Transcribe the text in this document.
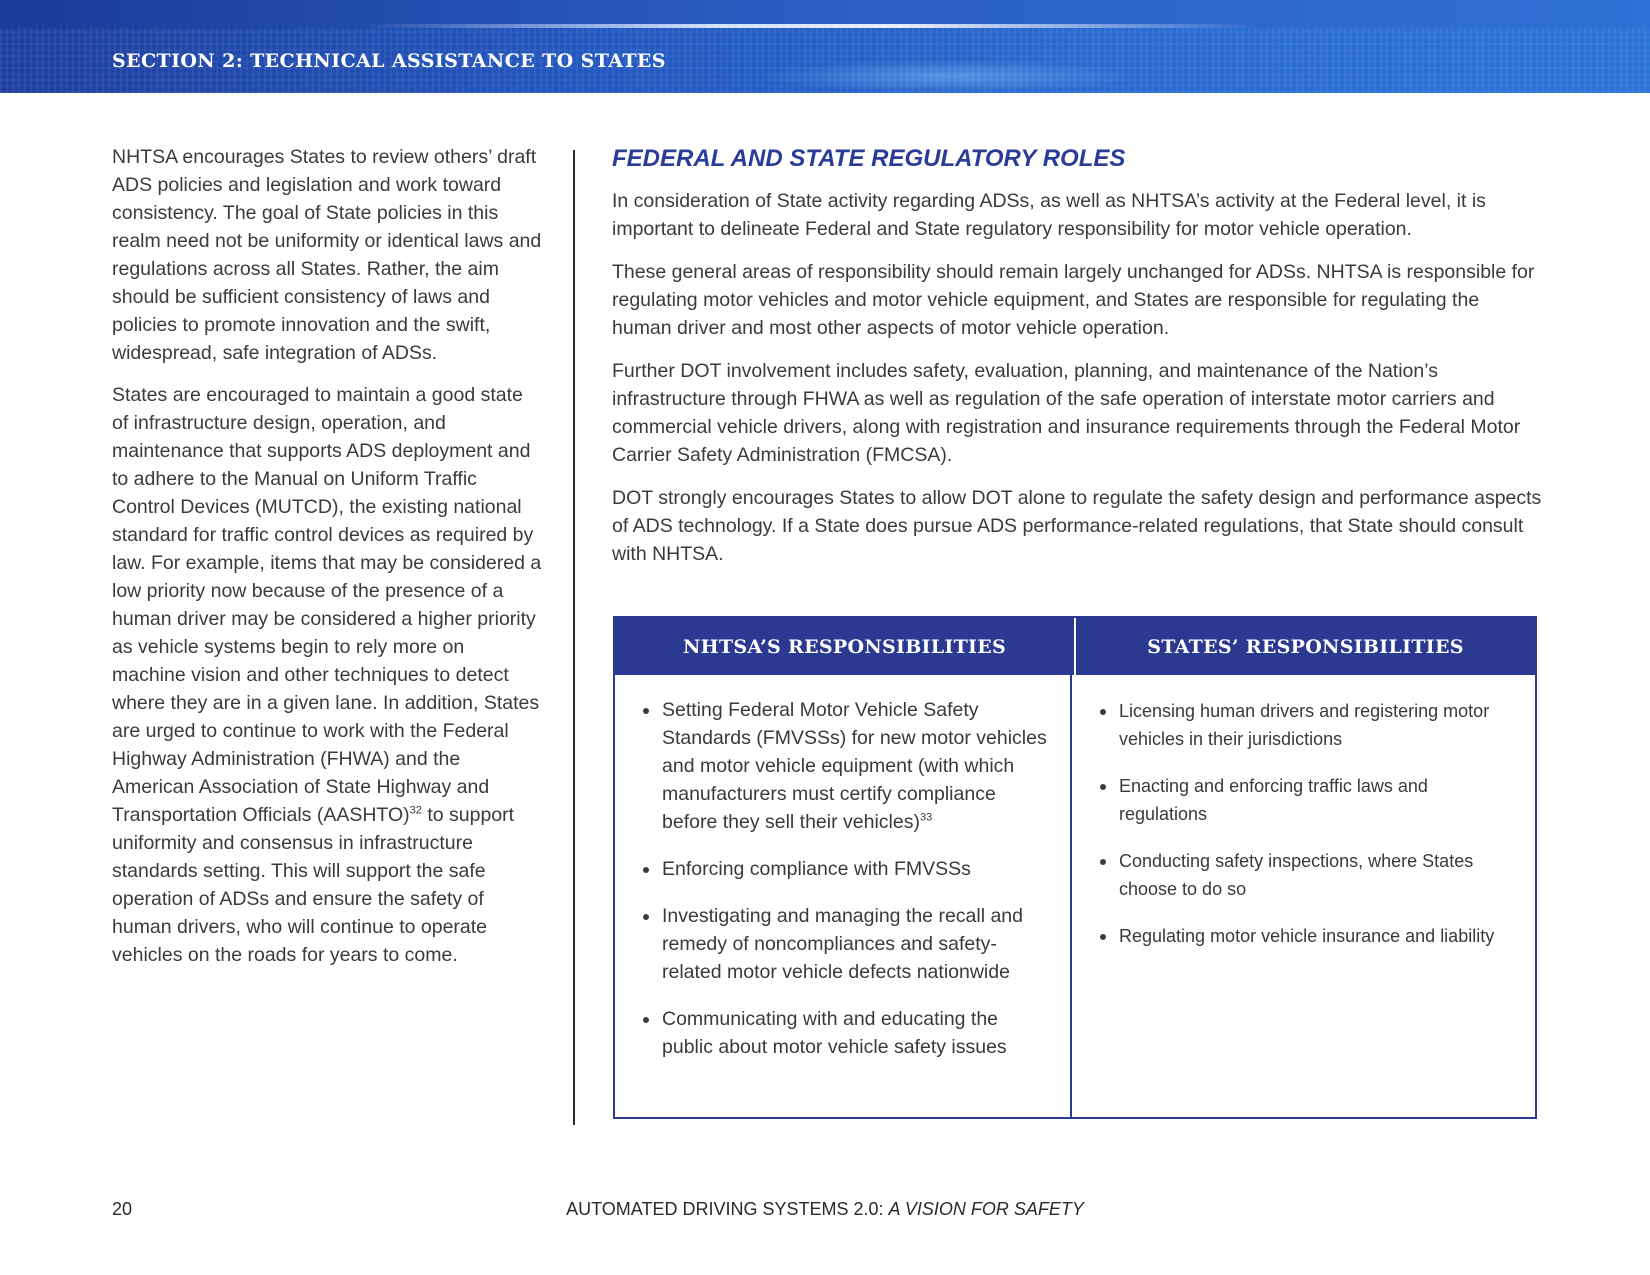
SECTION 2: TECHNICAL ASSISTANCE TO STATES

NHTSA encourages States to review others’ draft ADS policies and legislation and work toward consistency. The goal of State policies in this realm need not be uniformity or identical laws and regulations across all States. Rather, the aim should be sufficient consistency of laws and policies to promote innovation and the swift, widespread, safe integration of ADSs.

States are encouraged to maintain a good state of infrastructure design, operation, and maintenance that supports ADS deployment and to adhere to the Manual on Uniform Traffic Control Devices (MUTCD), the existing national standard for traffic control devices as required by law. For example, items that may be considered a low priority now because of the presence of a human driver may be considered a higher priority as vehicle systems begin to rely more on machine vision and other techniques to detect where they are in a given lane. In addition, States are urged to continue to work with the Federal Highway Administration (FHWA) and the American Association of State Highway and Transportation Officials (AASHTO)$^{32}$ to support uniformity and consensus in infrastructure standards setting. This will support the safe operation of ADSs and ensure the safety of human drivers, who will continue to operate vehicles on the roads for years to come.

FEDERAL AND STATE REGULATORY ROLES

In consideration of State activity regarding ADSs, as well as NHTSA’s activity at the Federal level, it is important to delineate Federal and State regulatory responsibility for motor vehicle operation.

These general areas of responsibility should remain largely unchanged for ADSs. NHTSA is responsible for regulating motor vehicles and motor vehicle equipment, and States are responsible for regulating the human driver and most other aspects of motor vehicle operation.

Further DOT involvement includes safety, evaluation, planning, and maintenance of the Nation’s infrastructure through FHWA as well as regulation of the safe operation of interstate motor carriers and commercial vehicle drivers, along with registration and insurance requirements through the Federal Motor Carrier Safety Administration (FMCSA).

DOT strongly encourages States to allow DOT alone to regulate the safety design and performance aspects of ADS technology. If a State does pursue ADS performance-related regulations, that State should consult with NHTSA.

NHTSA’S RESPONSIBILITIES	STATES’ RESPONSIBILITIES
Setting Federal Motor Vehicle Safety Standards (FMVSSs) for new motor vehicles and motor vehicle equipment (with which manufacturers must certify compliance before they sell their vehicles)$^{33}$
Enforcing compliance with FMVSSs
Investigating and managing the recall and remedy of noncompliances and safety-related motor vehicle defects nationwide
Communicating with and educating the public about motor vehicle safety issues
Licensing human drivers and registering motor vehicles in their jurisdictions
Enacting and enforcing traffic laws and regulations
Conducting safety inspections, where States choose to do so
Regulating motor vehicle insurance and liability
20	AUTOMATED DRIVING SYSTEMS 2.0: A VISION FOR SAFETY
